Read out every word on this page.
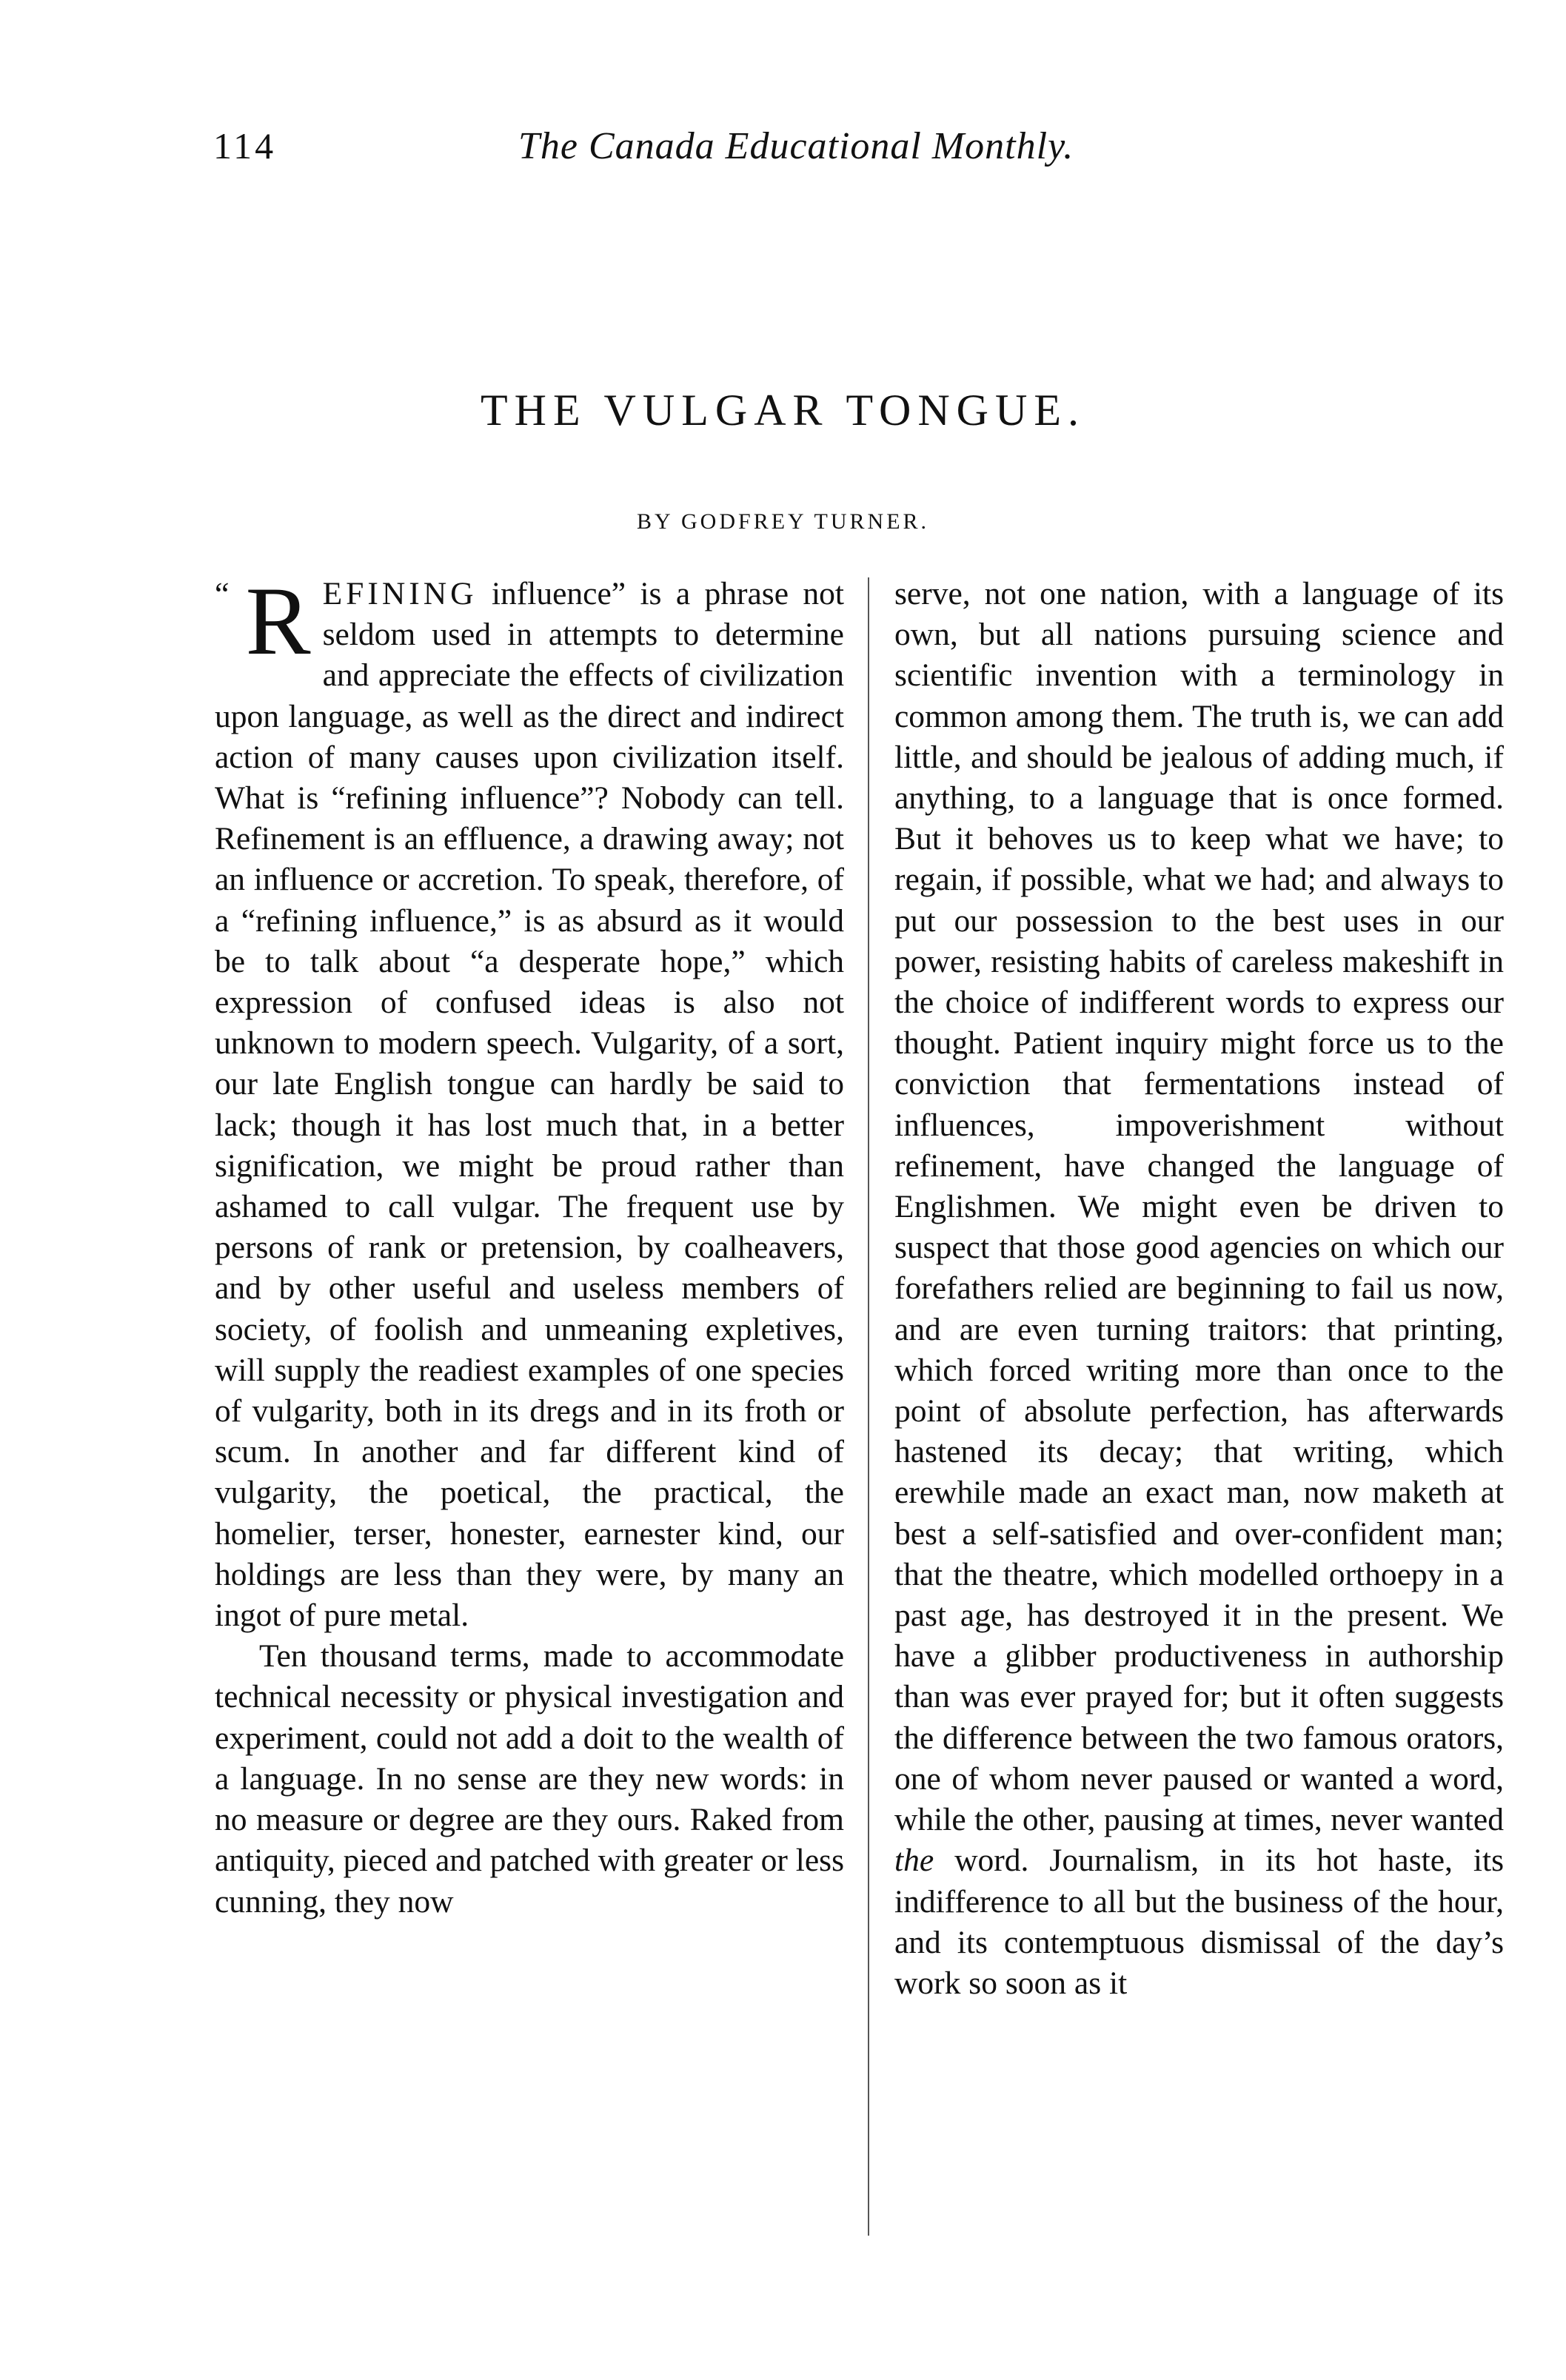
114	The Canada Educational Monthly.
THE VULGAR TONGUE.
BY GODFREY TURNER.

“ R EFINING influence” is a phrase not seldom used in attempts to determine and appreciate the effects of civilization upon language, as well as the direct and indirect action of many causes upon civilization itself. What is “refining influence”? Nobody can tell. Refinement is an effluence, a drawing away; not an influence or accretion. To speak, therefore, of a “refining influence,” is as absurd as it would be to talk about “a desperate hope,” which expression of confused ideas is also not unknown to modern speech. Vulgarity, of a sort, our late English tongue can hardly be said to lack; though it has lost much that, in a better signification, we might be proud rather than ashamed to call vulgar. The frequent use by persons of rank or pretension, by coalheavers, and by other useful and useless members of society, of foolish and unmeaning expletives, will supply the readiest examples of one species of vulgarity, both in its dregs and in its froth or scum. In another and far different kind of vulgarity, the poetical, the practical, the homelier, terser, honester, earnester kind, our holdings are less than they were, by many an ingot of pure metal.

Ten thousand terms, made to accommodate technical necessity or physical investigation and experiment, could not add a doit to the wealth of a language. In no sense are they new words: in no measure or degree are they ours. Raked from antiquity, pieced and patched with greater or less cunning, they now

serve, not one nation, with a language of its own, but all nations pursuing science and scientific invention with a terminology in common among them. The truth is, we can add little, and should be jealous of adding much, if anything, to a language that is once formed. But it behoves us to keep what we have; to regain, if possible, what we had; and always to put our possession to the best uses in our power, resisting habits of careless makeshift in the choice of indifferent words to express our thought. Patient inquiry might force us to the conviction that fermentations instead of influences, impoverishment without refinement, have changed the language of Englishmen. We might even be driven to suspect that those good agencies on which our forefathers relied are beginning to fail us now, and are even turning traitors: that printing, which forced writing more than once to the point of absolute perfection, has afterwards hastened its decay; that writing, which erewhile made an exact man, now maketh at best a self-satisfied and over-confident man; that the theatre, which modelled orthoepy in a past age, has destroyed it in the present. We have a glibber productiveness in authorship than was ever prayed for; but it often suggests the difference between the two famous orators, one of whom never paused or wanted a word, while the other, pausing at times, never wanted the word. Journalism, in its hot haste, its indifference to all but the business of the hour, and its contemptuous dismissal of the day’s work so soon as it
